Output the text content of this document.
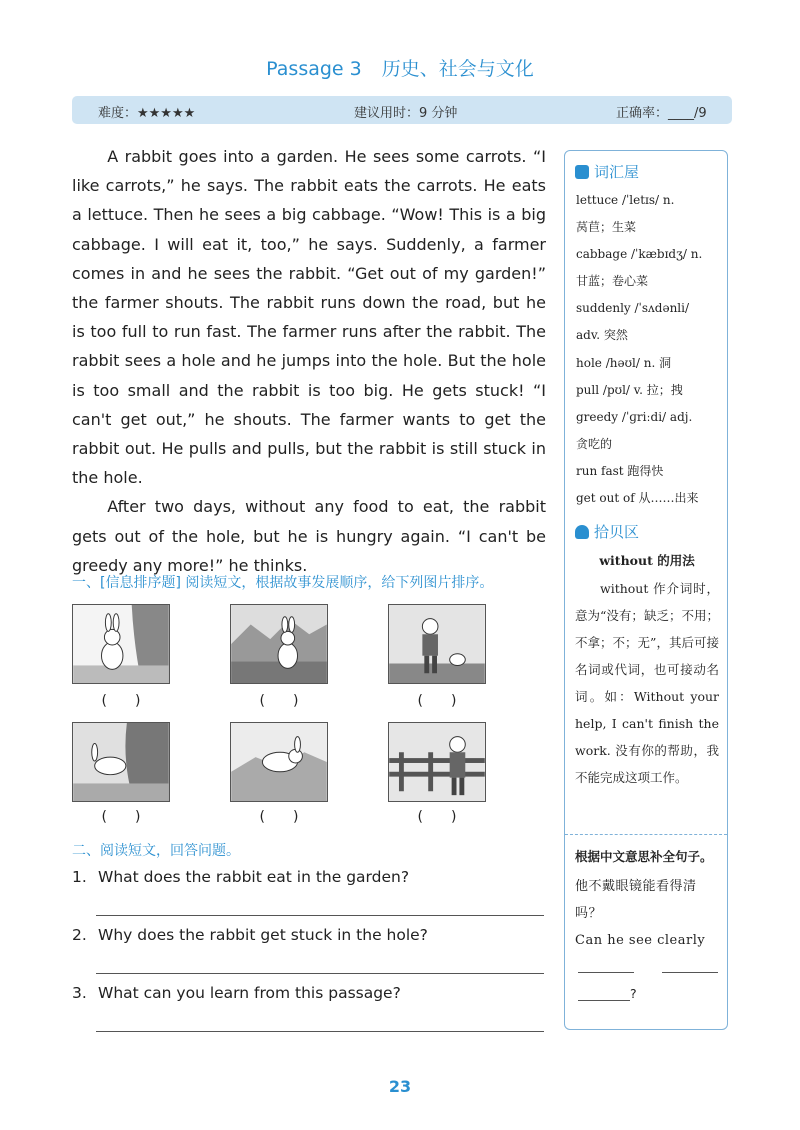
Passage 3 历史、社会与文化
难度：★★★★★	建议用时：9 分钟	正确率：____/9

A rabbit goes into a garden. He sees some carrots. “I like carrots,” he says. The rabbit eats the carrots. He eats a lettuce. Then he sees a big cabbage. “Wow! This is a big cabbage. I will eat it, too,” he says. Suddenly, a farmer comes in and he sees the rabbit. “Get out of my garden!” the farmer shouts. The rabbit runs down the road, but he is too full to run fast. The farmer runs after the rabbit. The rabbit sees a hole and he jumps into the hole. But the hole is too small and the rabbit is too big. He gets stuck! “I can't get out,” he shouts. The farmer wants to get the rabbit out. He pulls and pulls, but the rabbit is still stuck in the hole.

After two days, without any food to eat, the rabbit gets out of the hole, but he is hungry again. “I can't be greedy any more!” he thinks.

一、[信息排序题] 阅读短文，根据故事发展顺序，给下列图片排序。
(　　)	(　　)	(　　)
(　　)	(　　)	(　　)
二、阅读短文，回答问题。
1. What does the rabbit eat in the garden?
2. Why does the rabbit get stuck in the hole?
3. What can you learn from this passage?
词汇屋
lettuce /ˈletɪs/ n.
莴苣；生菜
cabbage /ˈkæbɪdʒ/ n.
甘蓝；卷心菜
suddenly /ˈsʌdənli/
adv. 突然
hole /həʊl/ n. 洞
pull /pʊl/ v. 拉；拽
greedy /ˈɡriːdi/ adj.
贪吃的
run fast 跑得快
get out of 从……出来
拾贝区
without 的用法

without 作介词时，意为“没有；缺乏；不用；不拿；不；无”，其后可接名词或代词，也可接动名词。如：Without your help, I can't finish the work. 没有你的帮助，我不能完成这项工作。

根据中文意思补全句子。
他不戴眼镜能看得清吗？
Can he see clearly
?
23
